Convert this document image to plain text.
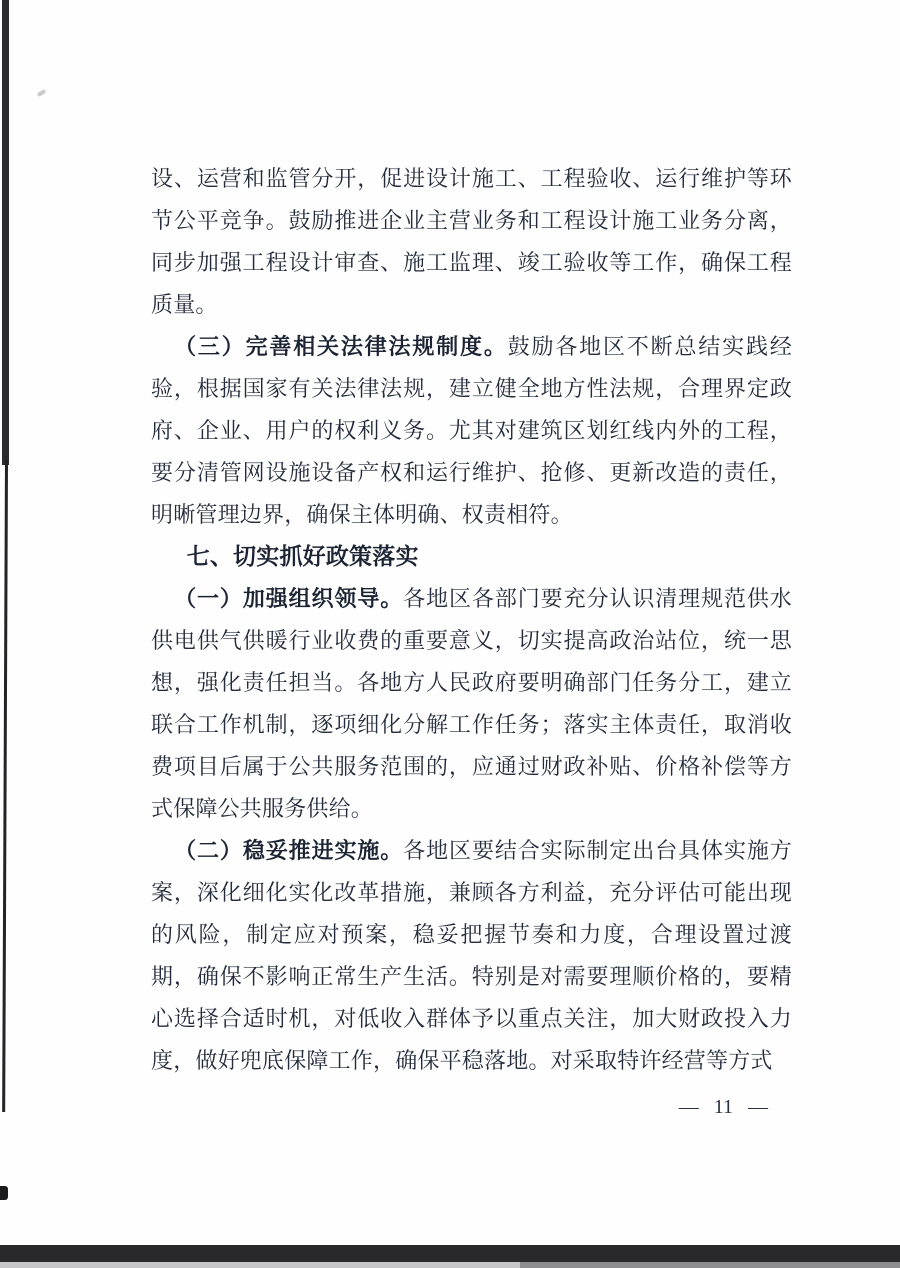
设、运营和监管分开，促进设计施工、工程验收、运行维护等环节公平竞争。鼓励推进企业主营业务和工程设计施工业务分离，同步加强工程设计审查、施工监理、竣工验收等工作，确保工程质量。

（三）完善相关法律法规制度。鼓励各地区不断总结实践经验，根据国家有关法律法规，建立健全地方性法规，合理界定政府、企业、用户的权利义务。尤其对建筑区划红线内外的工程，要分清管网设施设备产权和运行维护、抢修、更新改造的责任，明晰管理边界，确保主体明确、权责相符。

七、切实抓好政策落实

（一）加强组织领导。各地区各部门要充分认识清理规范供水供电供气供暖行业收费的重要意义，切实提高政治站位，统一思想，强化责任担当。各地方人民政府要明确部门任务分工，建立联合工作机制，逐项细化分解工作任务；落实主体责任，取消收费项目后属于公共服务范围的，应通过财政补贴、价格补偿等方式保障公共服务供给。

（二）稳妥推进实施。各地区要结合实际制定出台具体实施方案，深化细化实化改革措施，兼顾各方利益，充分评估可能出现的风险，制定应对预案，稳妥把握节奏和力度，合理设置过渡期，确保不影响正常生产生活。特别是对需要理顺价格的，要精心选择合适时机，对低收入群体予以重点关注，加大财政投入力度，做好兜底保障工作，确保平稳落地。对采取特许经营等方式

— 11 —
